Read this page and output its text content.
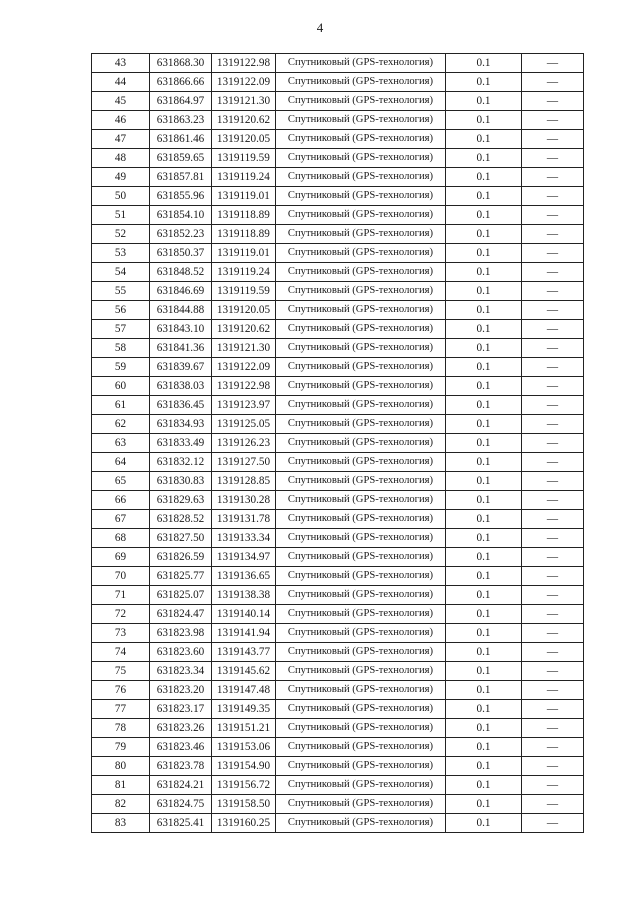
4
43	631868.30	1319122.98	Спутниковый (GPS-технология)	0.1	—
44	631866.66	1319122.09	Спутниковый (GPS-технология)	0.1	—
45	631864.97	1319121.30	Спутниковый (GPS-технология)	0.1	—
46	631863.23	1319120.62	Спутниковый (GPS-технология)	0.1	—
47	631861.46	1319120.05	Спутниковый (GPS-технология)	0.1	—
48	631859.65	1319119.59	Спутниковый (GPS-технология)	0.1	—
49	631857.81	1319119.24	Спутниковый (GPS-технология)	0.1	—
50	631855.96	1319119.01	Спутниковый (GPS-технология)	0.1	—
51	631854.10	1319118.89	Спутниковый (GPS-технология)	0.1	—
52	631852.23	1319118.89	Спутниковый (GPS-технология)	0.1	—
53	631850.37	1319119.01	Спутниковый (GPS-технология)	0.1	—
54	631848.52	1319119.24	Спутниковый (GPS-технология)	0.1	—
55	631846.69	1319119.59	Спутниковый (GPS-технология)	0.1	—
56	631844.88	1319120.05	Спутниковый (GPS-технология)	0.1	—
57	631843.10	1319120.62	Спутниковый (GPS-технология)	0.1	—
58	631841.36	1319121.30	Спутниковый (GPS-технология)	0.1	—
59	631839.67	1319122.09	Спутниковый (GPS-технология)	0.1	—
60	631838.03	1319122.98	Спутниковый (GPS-технология)	0.1	—
61	631836.45	1319123.97	Спутниковый (GPS-технология)	0.1	—
62	631834.93	1319125.05	Спутниковый (GPS-технология)	0.1	—
63	631833.49	1319126.23	Спутниковый (GPS-технология)	0.1	—
64	631832.12	1319127.50	Спутниковый (GPS-технология)	0.1	—
65	631830.83	1319128.85	Спутниковый (GPS-технология)	0.1	—
66	631829.63	1319130.28	Спутниковый (GPS-технология)	0.1	—
67	631828.52	1319131.78	Спутниковый (GPS-технология)	0.1	—
68	631827.50	1319133.34	Спутниковый (GPS-технология)	0.1	—
69	631826.59	1319134.97	Спутниковый (GPS-технология)	0.1	—
70	631825.77	1319136.65	Спутниковый (GPS-технология)	0.1	—
71	631825.07	1319138.38	Спутниковый (GPS-технология)	0.1	—
72	631824.47	1319140.14	Спутниковый (GPS-технология)	0.1	—
73	631823.98	1319141.94	Спутниковый (GPS-технология)	0.1	—
74	631823.60	1319143.77	Спутниковый (GPS-технология)	0.1	—
75	631823.34	1319145.62	Спутниковый (GPS-технология)	0.1	—
76	631823.20	1319147.48	Спутниковый (GPS-технология)	0.1	—
77	631823.17	1319149.35	Спутниковый (GPS-технология)	0.1	—
78	631823.26	1319151.21	Спутниковый (GPS-технология)	0.1	—
79	631823.46	1319153.06	Спутниковый (GPS-технология)	0.1	—
80	631823.78	1319154.90	Спутниковый (GPS-технология)	0.1	—
81	631824.21	1319156.72	Спутниковый (GPS-технология)	0.1	—
82	631824.75	1319158.50	Спутниковый (GPS-технология)	0.1	—
83	631825.41	1319160.25	Спутниковый (GPS-технология)	0.1	—
